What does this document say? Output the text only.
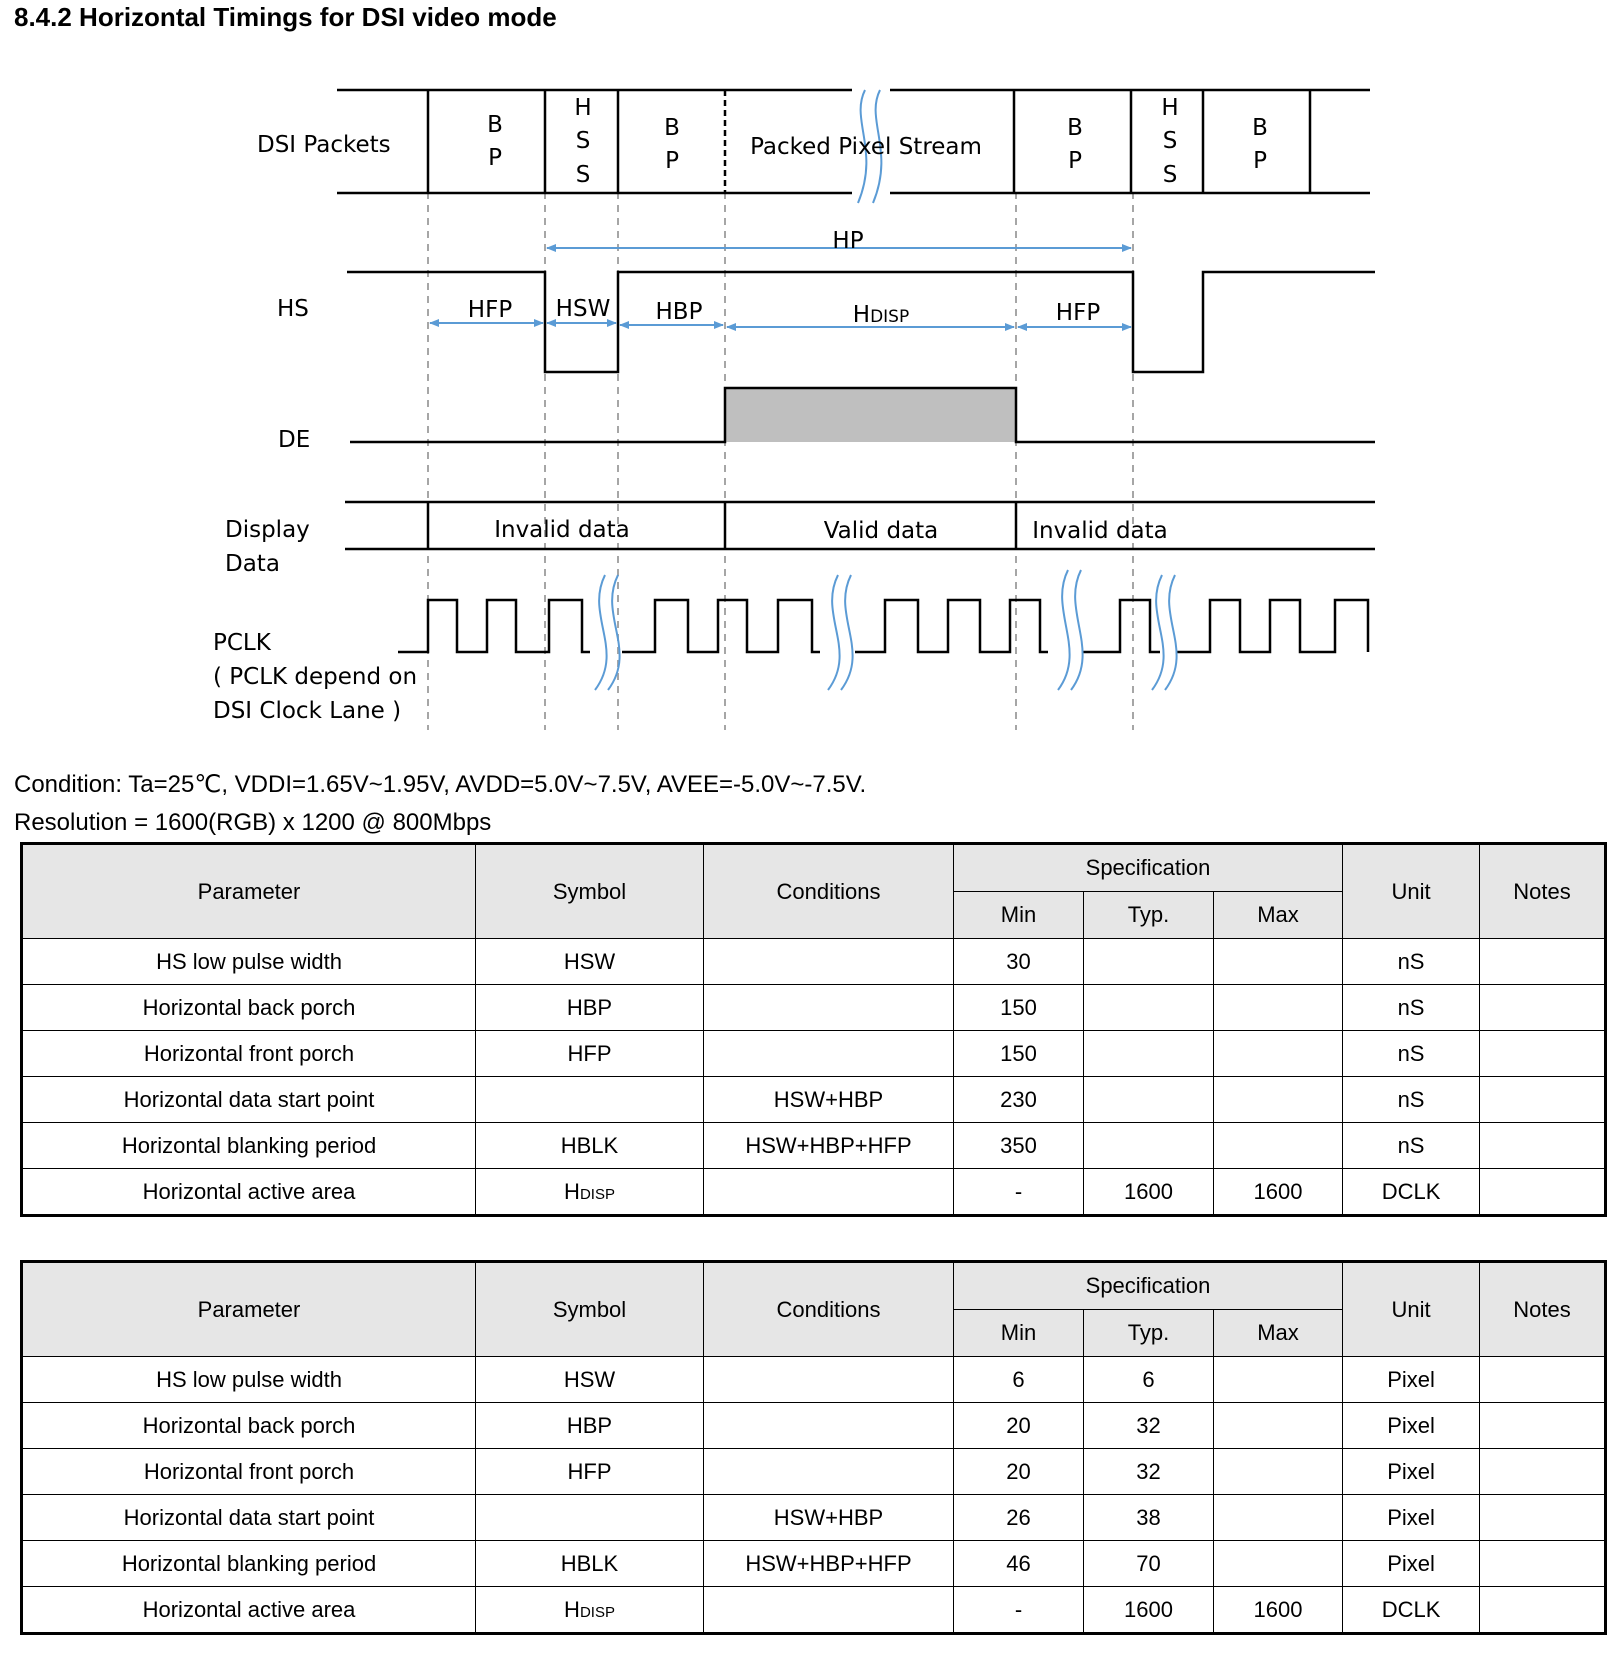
8.4.2 Horizontal Timings for DSI video mode
DSI Packets
HS
DE
Display
Data
PCLK
( PCLK depend on
DSI Clock Lane )
B
P
H
S
S
B
P
Packed Pixel Stream
B
P
H
S
S
B
P
HP
HFP HSW HBP	HDISP	HFP
Invalid data	Valid data	Invalid data
Condition: Ta=25℃, VDDI=1.65V~1.95V, AVDD=5.0V~7.5V, AVEE=-5.0V~-7.5V.
Resolution = 1600(RGB) x 1200 @ 800Mbps
Parameter	Symbol	Conditions	Specification			Unit	Notes
			Min	Typ.	Max		
HS low pulse width	HSW		30			nS	
Horizontal back porch	HBP		150			nS	
Horizontal front porch	HFP		150			nS	
Horizontal data start point		HSW+HBP	230			nS	
Horizontal blanking period	HBLK	HSW+HBP+HFP	350			nS	
Horizontal active area	HDISP		-	1600	1600	DCLK	
Parameter	Symbol	Conditions	Specification			Unit	Notes
			Min	Typ.	Max		
HS low pulse width	HSW		6	6		Pixel	
Horizontal back porch	HBP		20	32		Pixel	
Horizontal front porch	HFP		20	32		Pixel	
Horizontal data start point		HSW+HBP	26	38		Pixel	
Horizontal blanking period	HBLK	HSW+HBP+HFP	46	70		Pixel	
Horizontal active area	HDISP		-	1600	1600	DCLK	
